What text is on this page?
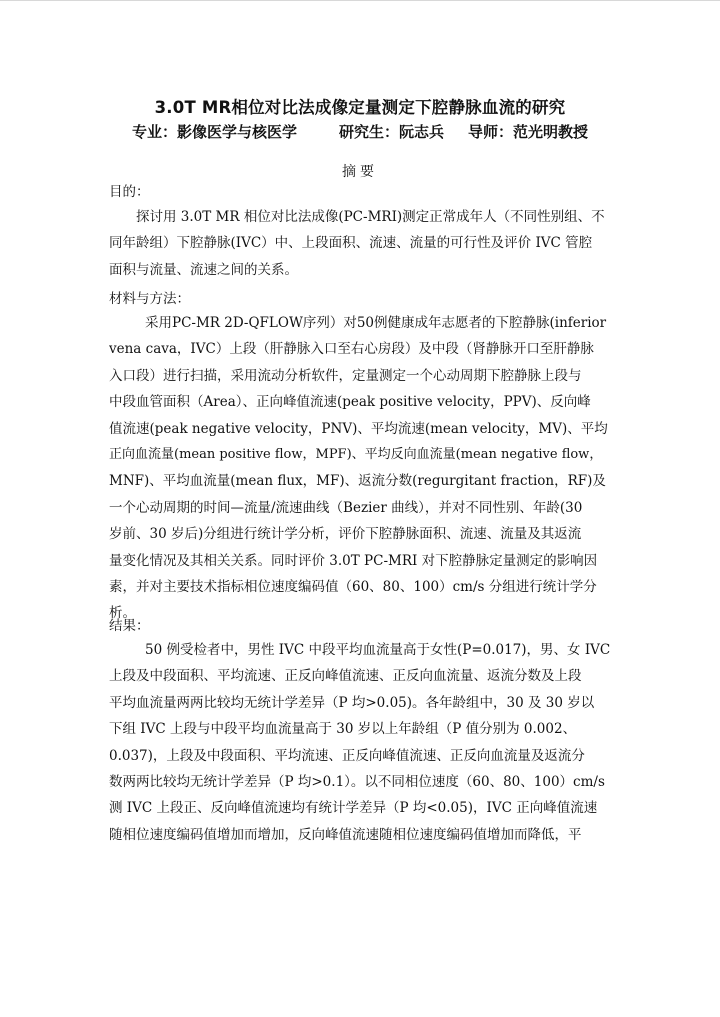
3.0T MR相位对比法成像定量测定下腔静脉血流的研究
专业：影像医学与核医学	研究生：阮志兵 导师：范光明教授
摘要
目的：
探讨用 3.0T MR 相位对比法成像(PC-MRI)测定正常成年人（不同性别组、不
同年龄组）下腔静脉(IVC）中、上段面积、流速、流量的可行性及评价 IVC 管腔
面积与流量、流速之间的关系。
材料与方法：
采用PC-MR 2D-QFLOW序列）对50例健康成年志愿者的下腔静脉(inferior
vena cava，IVC）上段（肝静脉入口至右心房段）及中段（肾静脉开口至肝静脉
入口段）进行扫描，采用流动分析软件，定量测定一个心动周期下腔静脉上段与
中段血管面积（Area）、正向峰值流速(peak positive velocity，PPV)、反向峰
值流速(peak negative velocity，PNV)、平均流速(mean velocity，MV)、平均
正向血流量(mean positive flow，MPF)、平均反向血流量(mean negative flow，
MNF)、平均血流量(mean flux，MF)、返流分数(regurgitant fraction，RF)及
一个心动周期的时间—流量/流速曲线（Bezier 曲线），并对不同性别、年龄(30
岁前、30 岁后)分组进行统计学分析，评价下腔静脉面积、流速、流量及其返流
量变化情况及其相关关系。同时评价 3.0T PC-MRI 对下腔静脉定量测定的影响因
素，并对主要技术指标相位速度编码值（60、80、100）cm/s 分组进行统计学分
析。
结果：
50 例受检者中，男性 IVC 中段平均血流量高于女性(P=0.017)，男、女 IVC
上段及中段面积、平均流速、正反向峰值流速、正反向血流量、返流分数及上段
平均血流量两两比较均无统计学差异（P 均>0.05)。各年龄组中，30 及 30 岁以
下组 IVC 上段与中段平均血流量高于 30 岁以上年龄组（P 值分别为 0.002、
0.037)，上段及中段面积、平均流速、正反向峰值流速、正反向血流量及返流分
数两两比较均无统计学差异（P 均>0.1）。以不同相位速度（60、80、100）cm/s
测 IVC 上段正、反向峰值流速均有统计学差异（P 均<0.05)，IVC 正向峰值流速
随相位速度编码值增加而增加，反向峰值流速随相位速度编码值增加而降低，平
